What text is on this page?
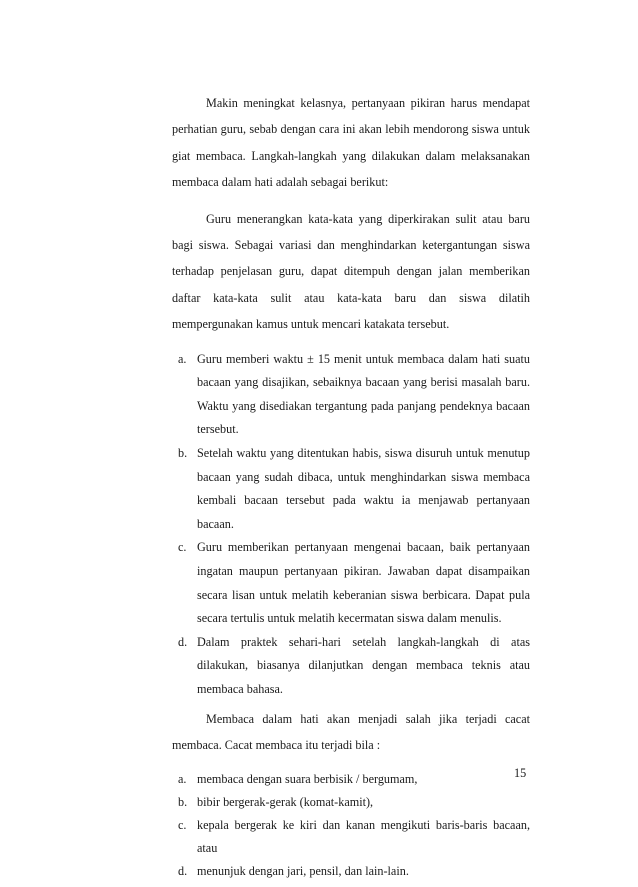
Makin meningkat kelasnya, pertanyaan pikiran harus mendapat perhatian guru, sebab dengan cara ini akan lebih mendorong siswa untuk giat membaca. Langkah-langkah yang dilakukan dalam melaksanakan membaca dalam hati adalah sebagai berikut:

Guru menerangkan kata-kata yang diperkirakan sulit atau baru bagi siswa. Sebagai variasi dan menghindarkan ketergantungan siswa terhadap penjelasan guru, dapat ditempuh dengan jalan memberikan daftar kata-kata sulit atau kata-kata baru dan siswa dilatih mempergunakan kamus untuk mencari katakata tersebut.

a. Guru memberi waktu ± 15 menit untuk membaca dalam hati suatu bacaan yang disajikan, sebaiknya bacaan yang berisi masalah baru. Waktu yang disediakan tergantung pada panjang pendeknya bacaan tersebut.
b. Setelah waktu yang ditentukan habis, siswa disuruh untuk menutup bacaan yang sudah dibaca, untuk menghindarkan siswa membaca kembali bacaan tersebut pada waktu ia menjawab pertanyaan bacaan.
c. Guru memberikan pertanyaan mengenai bacaan, baik pertanyaan ingatan maupun pertanyaan pikiran. Jawaban dapat disampaikan secara lisan untuk melatih keberanian siswa berbicara. Dapat pula secara tertulis untuk melatih kecermatan siswa dalam menulis.
d. Dalam praktek sehari-hari setelah langkah-langkah di atas dilakukan, biasanya dilanjutkan dengan membaca teknis atau membaca bahasa.

Membaca dalam hati akan menjadi salah jika terjadi cacat membaca. Cacat membaca itu terjadi bila :

a. membaca dengan suara berbisik / bergumam,
b. bibir bergerak-gerak (komat-kamit),
c. kepala bergerak ke kiri dan kanan mengikuti baris-baris bacaan, atau
d. menunjuk dengan jari, pensil, dan lain-lain.
15
